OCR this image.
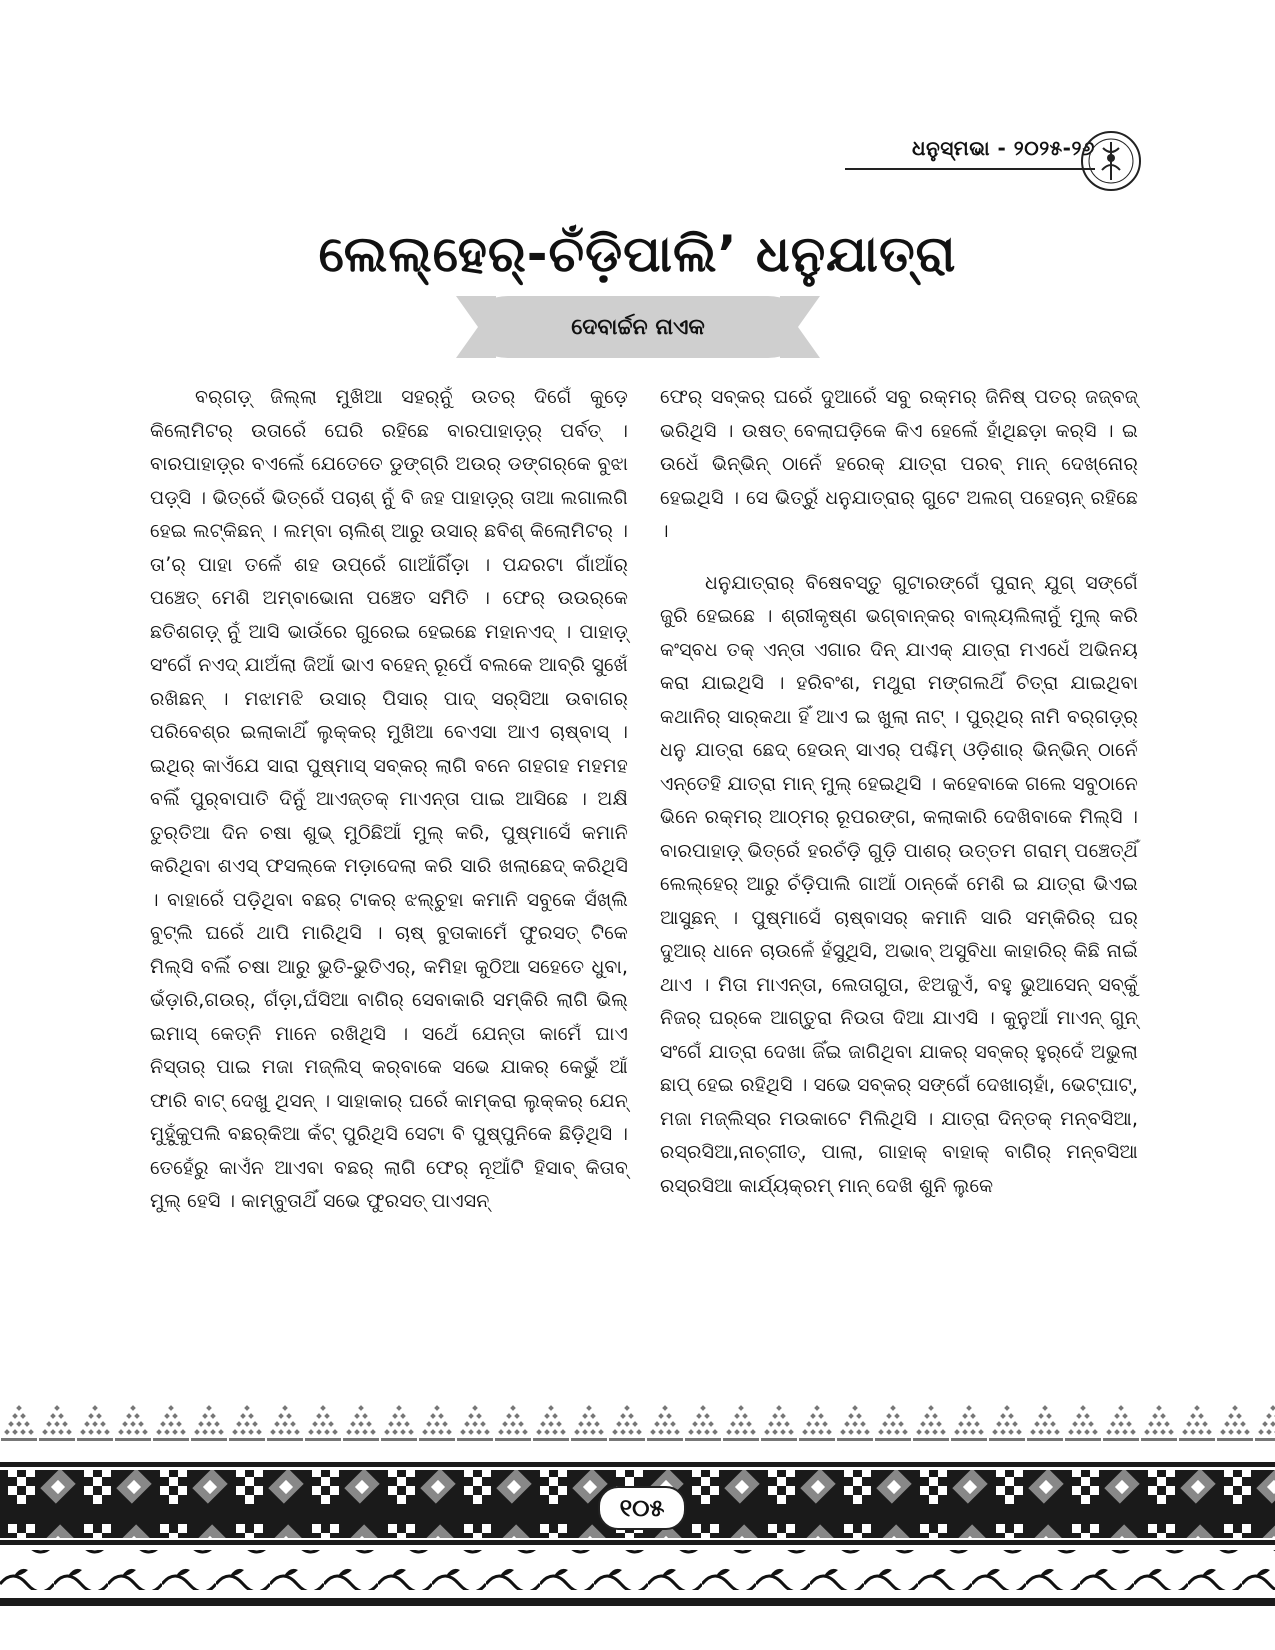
ଧନୁସ୍ମଭା - ୨୦୨୫-୨୬
ଲେଲ୍‌ହେର୍‌-ଚଁଡ଼ିପାଲି’ ଧନୁଯାତ୍‌ରା
ଦେବାର୍ଚ୍ଚନ ନାଏକ

ବର୍‌ଗଡ଼୍‌ ଜିଲ୍ଲା ମୁଖିଆ ସହର୍‌ନୁଁ ଉତର୍‌ ଦିଗେଁ କୁଡ଼େ କିଲୋମିଟର୍‌ ଉତାରେଁ ଘେରି ରହିଛେ ବାରପାହାଡ଼୍‌ର୍‌ ପର୍ବତ୍‌ । ବାରପାହାଡ଼୍‌ର ବଏଲେଁ ଯେତେତେ ଡୁଙ୍ଗ୍‌ରି ଅଉର୍‌ ଡଙ୍ଗର୍‌କେ ବୁଝା ପଡ଼୍‌ସି । ଭିତ୍‌ରେଁ ଭିତ୍‌ରେଁ ପଚାଶ୍‌ ନୁଁ ବି ଜହ ପାହାଡ଼୍‌ର୍‌ ତାଆ ଲଗାଲଗି ହେଇ ଲଟ୍‌କିଛନ୍‌ । ଲମ୍ବା ଚାଲିଶ୍‌ ଆରୁ ଉସାର୍‌ ଛବିଶ୍‌ କିଲୋମିଟର୍‌ । ତା’ର୍‌ ପାହା ତଳେଁ ଶହ ଉପ୍‌ରେଁ ଗାଆଁଗିଁଡ଼ା । ପନ୍ଦରଟା ଗାଁଆଁର୍‌ ପଞ୍ଚେତ୍‌ ମେଶି ଅମ୍ବାଭୋନା ପଞ୍ଚେତ ସମିତି । ଫେର୍‌ ଉଉର୍‌କେ ଛତିଶଗଡ଼୍‌ ନୁଁ ଆସି ଭାଉଁରେ ଗୁରେଇ ହେଇଛେ ମହାନଏଦ୍‌ । ପାହାଡ଼୍‌ ସଂଗେଁ ନଏଦ୍‌ ଯାଅଁଲା ଜିଆଁ ଭାଏ ବହେନ୍‌ ରୂପେଁ ବଲକେ ଆବ୍‌ରି ସୁଖେଁ ରଖିଛନ୍‌ । ମଝାମଝି ଉସାର୍‌ ପିସାର୍‌ ପାଦ୍‌ ସର୍‌ସିଆ ଉବାଗର୍‌ ପରିବେଶ୍‌ର ଇଲାକାଥିଁ ଲୁକ୍‌କର୍‌ ମୁଖିଆ ବେଏସା ଆଏ ଚାଷ୍‌ବାସ୍‌ । ଇଥିର୍‌ କାଏଁଯେ ସାରା ପୁଷ୍‌ମାସ୍‌ ସବ୍‌କର୍‌ ଲାଗି ବନେ ଗହଗହ ମହମହ ବଲିଁ ପୁର୍‌ବାପାତି ଦିନୁଁ ଆଏଜ୍‌ତକ୍‌ ମାଏନ୍‌ତା ପାଇ ଆସିଛେ । ଅକ୍ଷି ତୁର୍‌ତିଆ ଦିନ ଚଷା ଶୁଭ୍‌ ମୁଠିଛିଆଁ ମୁଲ୍‌ କରି, ପୁଷ୍‌ମାସେଁ କମାନି କରିଥିବା ଶଏସ୍‌ ଫସଲ୍‌କେ ମଡ଼ାଦେଲା କରି ସାରି ଖଲାଛେଦ୍‌ କରିଥିସି । ବାହାରେଁ ପଡ଼ିଥିବା ବଛର୍‌ ଟାକର୍‌ ଝଲ୍‌ଚୁହା କମାନି ସବୁକେ ସଁଖ୍‌ଲି ବୁଟ୍‌ଲି ଘରେଁ ଥାପି ମାରିଥିସି । ଚାଷ୍‌ ବୁତାକାମେଁ ଫୁରସତ୍‌ ଟିକେ ମିଲ୍‌ସି ବଲିଁ ଚଷା ଆରୁ ଭୁତି-ଭୁତିଏର୍‌, କମିହା କୁଠିଆ ସହେତେ ଧୁବା, ଭଁଡ଼ାରି,ଗଉର୍‌, ଗଁଡ଼ା,ଘଁସିଆ ବାଗିର୍‌ ସେବାକାରି ସମ୍‌କିରି ଲାଗି ଭିଲ୍‌ ଇମାସ୍‌ କେତ୍‌ନି ମାନେ ରଖିଥିସି । ସଥେଁ ଯେନ୍ତା କାମେଁ ଘାଏ ନିସ୍ତାର୍‌ ପାଇ ମଜା ମଜ୍‌ଲିସ୍‌ କର୍‌ବାକେ ସଭେ ଯାକର୍‌ କେଭୁଁ ଆଁ ଫାରି ବାଟ୍‌ ଦେଖୁ ଥିସନ୍‌ । ସାହାକାର୍‌ ଘରେଁ କାମ୍‌କରା ଲୁକ୍‌କର୍‌ ଯେନ୍‌ ମୁହୁଁକୁପଲି ବଛର୍‌କିଆ କଁଟ୍‌ ପୁରିଥିସି ସେଟା ବି ପୁଷ୍‌ପୁନିକେ ଛିଡ଼ିଥିସି । ତେହେଁରୁ କାଏଁନ ଆଏବା ବଛର୍‌ ଲାଗି ଫେର୍‌ ନୂଆଁଟି ହିସାବ୍‌ କିତାବ୍‌ ମୁଲ୍‌ ହେସି । କାମ୍‌ବୁତାଥିଁ ସଭେ ଫୁରସତ୍‌ ପାଏସନ୍‌

ଫେର୍‌ ସବ୍‌କର୍‌ ଘରେଁ ଦୁଆରେଁ ସବୁ ରକ୍‌ମର୍‌ ଜିନିଷ୍‌ ପତର୍‌ ଜଜ୍‌ବଜ୍‌ ଭରିଥିସି । ଉଷତ୍‌ ବେଲାଘଡ଼ିକେ କିଏ ହେଲେଁ ହାଁଥିଛଡ଼ା କର୍‌ସି । ଇ ଉଧେଁ ଭିନ୍‌ଭିନ୍‌ ଠାନେଁ ହରେକ୍‌ ଯାତ୍‌ରା ପରବ୍‌ ମାନ୍‌ ଦେଖ୍‌ନୋର୍‌ ହେଇଥିସି । ସେ ଭିତ୍‌ରୁଁ ଧନୁଯାତ୍‌ରାର୍‌ ଗୁଟେ ଅଲଗ୍‌ ପହେଚାନ୍‌ ରହିଛେ ।

ଧନୁଯାତ୍‌ରାର୍‌ ବିଷେବସ୍ତୁ ଗୁଟାରଙ୍ଗେଁ ପୁରାନ୍‌ ଯୁଗ୍‌ ସଙ୍ଗେଁ ଜୁରି ହେଇଛେ । ଶ୍ରୀକୃଷ୍ଣ ଭଗ୍‌ବାନ୍‌କର୍‌ ବାଲ୍ୟଲିଲାନୁଁ ମୁଲ୍‌ କରି କଂସ୍‌ବଧ ତକ୍‌ ଏନ୍ତା ଏଗାର ଦିନ୍‌ ଯାଏକ୍‌ ଯାତ୍‌ରା ମଏଧେଁ ଅଭିନୟ କରା ଯାଇଥିସି । ହରିବଂଶ, ମଥୁରା ମଙ୍ଗଲଥିଁ ଚିତ୍‌ରା ଯାଇଥିବା କଥାନିର୍‌ ସାର୍‌କଥା ହିଁ ଆଏ ଇ ଖୁଲା ନାଟ୍‌ । ପୁର୍‌ଥିର୍‌ ନାମି ବର୍‌ଗଡ଼୍‌ର୍‌ ଧନୁ ଯାତ୍‌ରା ଛେଦ୍‌ ହେଉନ୍‌ ସାଏର୍‌ ପଶ୍ଚିମ୍‌ ଓଡ଼ିଶାର୍‌ ଭିନ୍‌ଭିନ୍‌ ଠାନେଁ ଏନ୍ତେହି ଯାତ୍‌ରା ମାନ୍‌ ମୁଲ୍‌ ହେଇଥିସି । କହେବାକେ ଗଲେ ସବୁଠାନେ ଭିନେ ରକ୍‌ମର୍‌ ଆଠ୍‌ମର୍‌ ରୂପରଙ୍ଗ, କଲାକାରି ଦେଖିବାକେ ମିଲ୍‌ସି । ବାରପାହାଡ଼୍‌ ଭିତ୍‌ରେଁ ହରଚଁଡ଼ି ଗୁଡ଼ି ପାଶର୍‌ ଉତ୍ତମ ଗରାମ୍‌ ପଞ୍ଚେତ୍‌ଥିଁ ଲେଲ୍‌ହେର୍‌ ଆରୁ ଚଁଡ଼ିପାଲି ଗାଆଁ ଠାନ୍‌କେଁ ମେଶି ଇ ଯାତ୍‌ରା ଭିଏଇ ଆସୁଛନ୍‌ । ପୁଷ୍‌ମାସେଁ ଚାଷ୍‌ବାସର୍‌ କମାନି ସାରି ସମ୍‌କିରିର୍‌ ଘର୍‌ ଦୁଆର୍‌ ଧାନେ ଚାଉଳେଁ ହଁସୁଥିସି, ଅଭାବ୍‌ ଅସୁବିଧା କାହାରିର୍‌ କିଛି ନାଇଁ ଥାଏ । ମିତା ମାଏନ୍‌ତା, ଲେତାଗୁତା, ଝିଅଜୁଏଁ, ବହୁ ଭୁଆସେନ୍‌ ସବ୍‌କୁଁ ନିଜର୍‌ ଘର୍‌କେ ଆଗ୍‌ତୁରା ନିଉତା ଦିଆ ଯାଏସି । କୁନୁଆଁ ମାଏନ୍‌ ଗୁନ୍‌ ସଂଗେଁ ଯାତ୍‌ରା ଦେଖା ଜିଁଇ ଜାଗିଥିବା ଯାକର୍‌ ସବ୍‌କର୍‌ ହୁର୍‌ଦେଁ ଅଭୁଲା ଛାପ୍‌ ହେଇ ରହିଥିସି । ସଭେ ସବ୍‌କର୍‌ ସଙ୍ଗେଁ ଦେଖାଚାହାଁ, ଭେଟ୍‌ଘାଟ୍‌, ମଜା ମଜ୍‌ଲିସ୍‌ର ମଉକାଟେ ମିଲିଥିସି । ଯାତ୍‌ରା ଦିନ୍‌ତକ୍‌ ମନ୍‌ବସିଆ, ରସ୍‌ରସିଆ,ନାଚ୍‌ଗୀତ୍‌, ପାଲା, ଗାହାକ୍‌ ବାହାକ୍‌ ବାଗିର୍‌ ମନ୍‌ବସିଆ ରସ୍‌ରସିଆ କାର୍ଯ୍ୟକ୍ରମ୍‌ ମାନ୍‌ ଦେଖି ଶୁନି ଲୁକେ

୧୦୫
